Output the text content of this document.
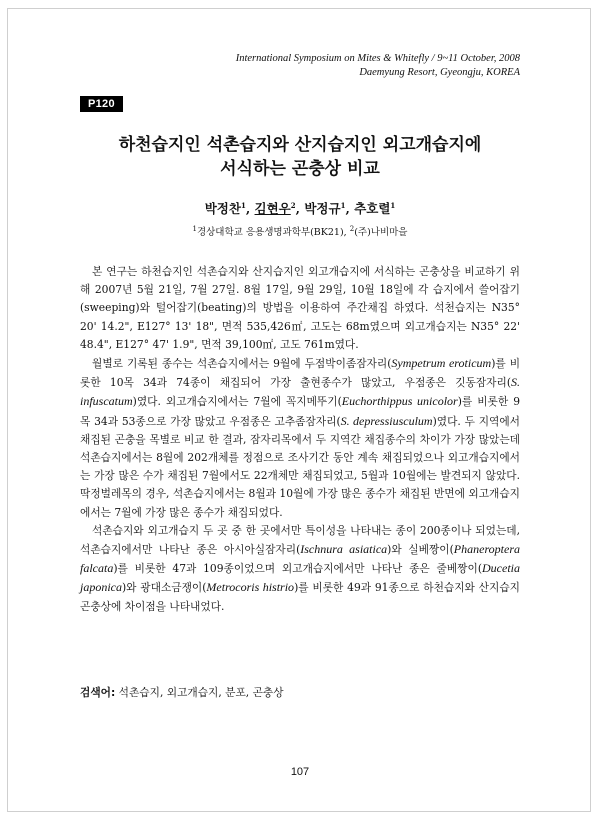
International Symposium on Mites & Whitefly / 9~11 October, 2008
Daemyung Resort, Gyeongju, KOREA
P120
하천습지인 석촌습지와 산지습지인 외고개습지에
서식하는 곤충상 비교
박정찬$^1$, 김현우$^2$, 박정규$^1$, 추호렬$^1$
$^1$경상대학교 응용생명과학부(BK21), $^2$(주)나비마을

본 연구는 하천습지인 석촌습지와 산지습지인 외고개습지에 서식하는 곤충상을 비교하기 위해 2007년 5월 21일, 7월 27일. 8월 17일, 9월 29일, 10월 18일에 각 습지에서 쓸어잡기(sweeping)와 털어잡기(beating)의 방법을 이용하여 주간채집 하였다. 석천습지는 N35° 20' 14.2", E127° 13' 18", 면적 535,426㎡, 고도는 68m였으며 외고개습지는 N35° 22' 48.4", E127° 47' 1.9", 면적 39,100㎡, 고도 761m였다.

월별로 기록된 종수는 석촌습지에서는 9월에 두점박이좀잠자리(Sympetrum eroticum)를 비롯한 10목 34과 74종이 채집되어 가장 출현종수가 많았고, 우점종은 깃동잠자리(S. infuscatum)였다. 외고개습지에서는 7월에 꼭지메뚜기(Euchorthippus unicolor)를 비롯한 9목 34과 53종으로 가장 많았고 우점종은 고추좀잠자리(S. depressiusculum)였다. 두 지역에서 채집된 곤충을 목별로 비교 한 결과, 잠자리목에서 두 지역간 채집종수의 차이가 가장 많았는데 석촌습지에서는 8월에 202개체를 정점으로 조사기간 동안 계속 채집되었으나 외고개습지에서는 가장 많은 수가 채집된 7월에서도 22개체만 채집되었고, 5월과 10월에는 발견되지 않았다. 딱정벌레목의 경우, 석촌습지에서는 8월과 10월에 가장 많은 종수가 채집된 반면에 외고개습지에서는 7월에 가장 많은 종수가 채집되었다.

석촌습지와 외고개습지 두 곳 중 한 곳에서만 특이성을 나타내는 종이 200종이나 되었는데, 석촌습지에서만 나타난 종은 아시아실잠자리(Ischnura asiatica)와 실베짱이(Phaneroptera falcata)를 비롯한 47과 109종이었으며 외고개습지에서만 나타난 종은 줄베짱이(Ducetia japonica)와 광대소금쟁이(Metrocoris histrio)를 비롯한 49과 91종으로 하천습지와 산지습지 곤충상에 차이점을 나타내었다.

검색어: 석촌습지, 외고개습지, 분포, 곤충상
107
